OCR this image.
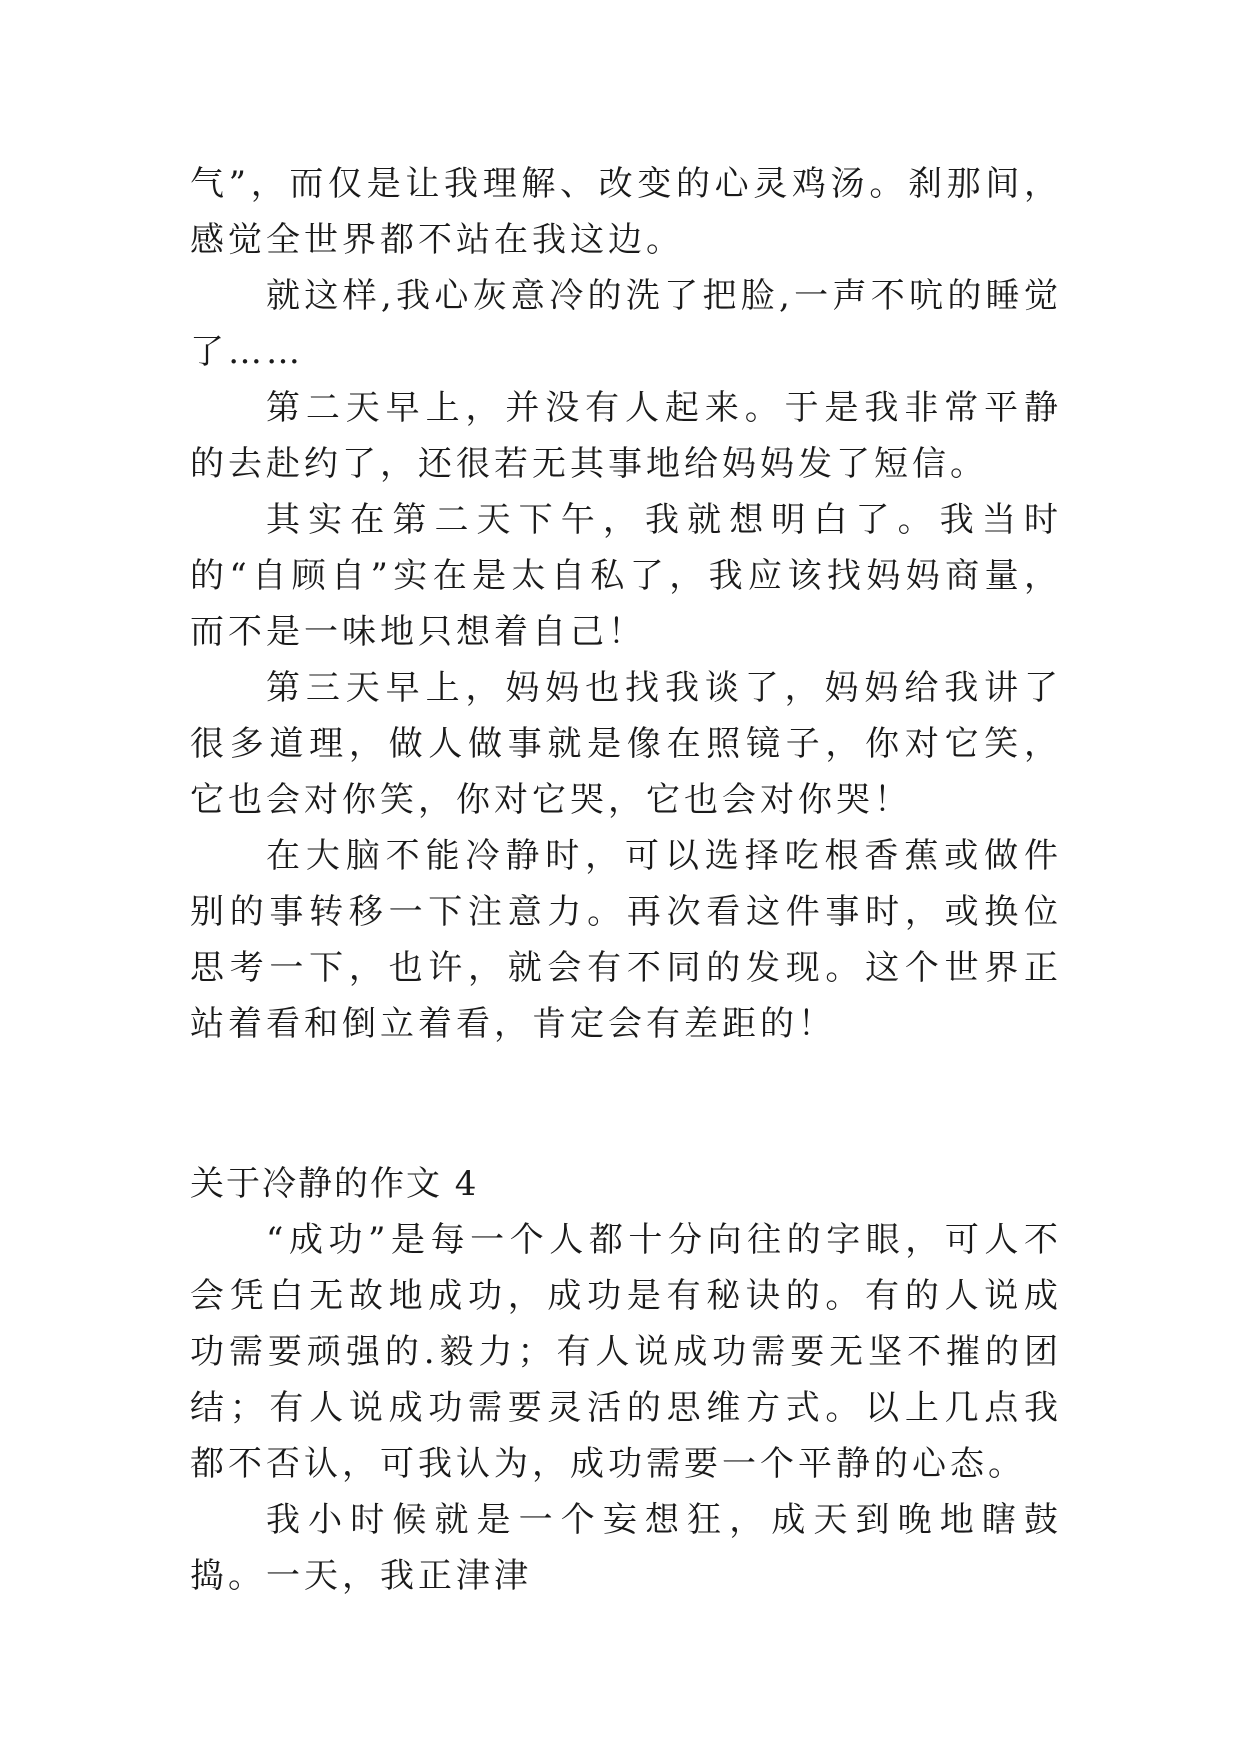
气”，而仅是让我理解、改变的心灵鸡汤。刹那间，感觉全世界都不站在我这边。

就这样,我心灰意冷的洗了把脸,一声不吭的睡觉了……

第二天早上，并没有人起来。于是我非常平静的去赴约了，还很若无其事地给妈妈发了短信。

其实在第二天下午，我就想明白了。我当时的“自顾自”实在是太自私了，我应该找妈妈商量，而不是一味地只想着自己！

第三天早上，妈妈也找我谈了，妈妈给我讲了很多道理，做人做事就是像在照镜子，你对它笑，它也会对你笑，你对它哭，它也会对你哭！

在大脑不能冷静时，可以选择吃根香蕉或做件别的事转移一下注意力。再次看这件事时，或换位思考一下，也许，就会有不同的发现。这个世界正站着看和倒立着看，肯定会有差距的！

关于冷静的作文 4

“成功”是每一个人都十分向往的字眼，可人不会凭白无故地成功，成功是有秘诀的。有的人说成功需要顽强的.毅力；有人说成功需要无坚不摧的团结；有人说成功需要灵活的思维方式。以上几点我都不否认，可我认为，成功需要一个平静的心态。

我小时候就是一个妄想狂，成天到晚地瞎鼓捣。一天，我正津津
